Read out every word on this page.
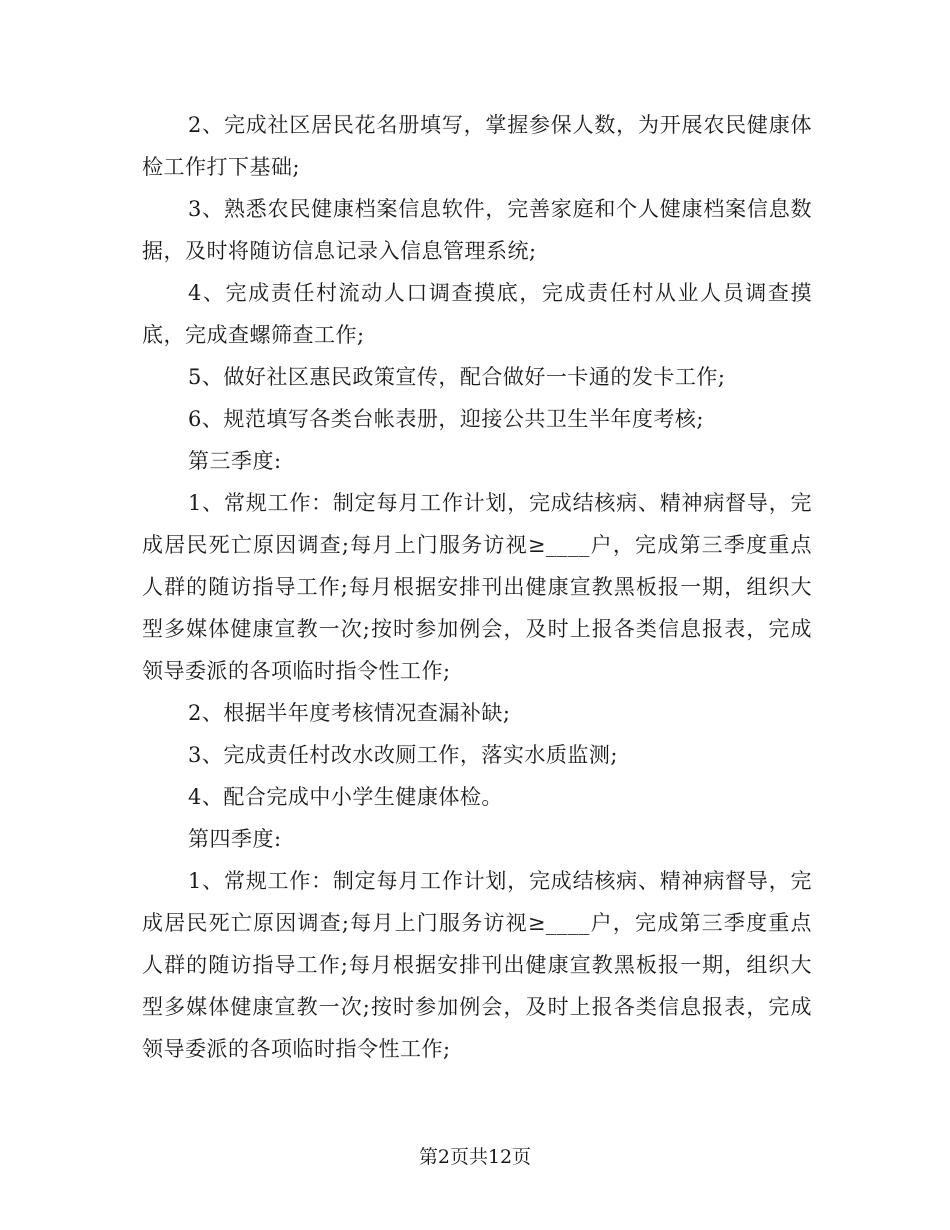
2、完成社区居民花名册填写，掌握参保人数，为开展农民健康体检工作打下基础;

3、熟悉农民健康档案信息软件，完善家庭和个人健康档案信息数据，及时将随访信息记录入信息管理系统;

4、完成责任村流动人口调查摸底，完成责任村从业人员调查摸底，完成查螺筛查工作;

5、做好社区惠民政策宣传，配合做好一卡通的发卡工作;

6、规范填写各类台帐表册，迎接公共卫生半年度考核;

第三季度:

1、常规工作：制定每月工作计划，完成结核病、精神病督导，完成居民死亡原因调查;每月上门服务访视≥____户，完成第三季度重点人群的随访指导工作;每月根据安排刊出健康宣教黑板报一期，组织大型多媒体健康宣教一次;按时参加例会，及时上报各类信息报表，完成领导委派的各项临时指令性工作;

2、根据半年度考核情况查漏补缺;

3、完成责任村改水改厕工作，落实水质监测;

4、配合完成中小学生健康体检。

第四季度:

1、常规工作：制定每月工作计划，完成结核病、精神病督导，完成居民死亡原因调查;每月上门服务访视≥____户，完成第三季度重点人群的随访指导工作;每月根据安排刊出健康宣教黑板报一期，组织大型多媒体健康宣教一次;按时参加例会，及时上报各类信息报表，完成领导委派的各项临时指令性工作;

第2页共12页
